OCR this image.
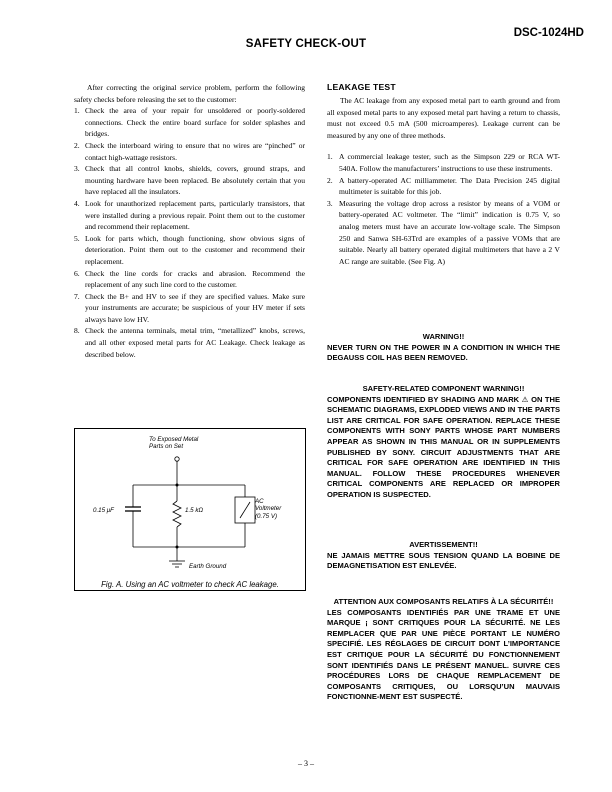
DSC-1024HD
SAFETY CHECK-OUT

After correcting the original service problem, perform the following safety checks before releasing the set to the customer:

1. Check the area of your repair for unsoldered or poorly-soldered connections. Check the entire board surface for solder splashes and bridges.
2. Check the interboard wiring to ensure that no wires are “pinched” or contact high-wattage resistors.
3. Check that all control knobs, shields, covers, ground straps, and mounting hardware have been replaced. Be absolutely certain that you have replaced all the insulators.
4. Look for unauthorized replacement parts, particularly transistors, that were installed during a previous repair. Point them out to the customer and recommend their replacement.
5. Look for parts which, though functioning, show obvious signs of deterioration. Point them out to the customer and recommend their replacement.
6. Check the line cords for cracks and abrasion. Recommend the replacement of any such line cord to the customer.
7. Check the B+ and HV to see if they are specified values. Make sure your instruments are accurate; be suspicious of your HV meter if sets always have low HV.
8. Check the antenna terminals, metal trim, “metallized” knobs, screws, and all other exposed metal parts for AC Leakage. Check leakage as described below.
To Exposed Metal
Parts on Set
0.15 μF	1.5 kΩ
AC
Voltmeter
(0.75 V)
Earth Ground
Fig. A. Using an AC voltmeter to check AC leakage.
LEAKAGE TEST

The AC leakage from any exposed metal part to earth ground and from all exposed metal parts to any exposed metal part having a return to chassis, must not exceed 0.5 mA (500 microamperes). Leakage current can be measured by any one of three methods.

1. A commercial leakage tester, such as the Simpson 229 or RCA WT-540A. Follow the manufacturers’ instructions to use these instruments.
2. A battery-operated AC milliammeter. The Data Precision 245 digital multimeter is suitable for this job.
3. Measuring the voltage drop across a resistor by means of a VOM or battery-operated AC voltmeter. The “limit” indication is 0.75 V, so analog meters must have an accurate low-voltage scale. The Simpson 250 and Sanwa SH-63Trd are examples of a passive VOMs that are suitable. Nearly all battery operated digital multimeters that have a 2 V AC range are suitable. (See Fig. A)
WARNING!!
NEVER TURN ON THE POWER IN A CONDITION IN WHICH THE DEGAUSS COIL HAS BEEN REMOVED.
SAFETY-RELATED COMPONENT WARNING!!
COMPONENTS IDENTIFIED BY SHADING AND MARK ⚠ ON THE SCHEMATIC DIAGRAMS, EXPLODED VIEWS AND IN THE PARTS LIST ARE CRITICAL FOR SAFE OPERATION. REPLACE THESE COMPONENTS WITH SONY PARTS WHOSE PART NUMBERS APPEAR AS SHOWN IN THIS MANUAL OR IN SUPPLEMENTS PUBLISHED BY SONY. CIRCUIT ADJUSTMENTS THAT ARE CRITICAL FOR SAFE OPERATION ARE IDENTIFIED IN THIS MANUAL. FOLLOW THESE PROCEDURES WHENEVER CRITICAL COMPONENTS ARE REPLACED OR IMPROPER OPERATION IS SUSPECTED.
AVERTISSEMENT!!
NE JAMAIS METTRE SOUS TENSION QUAND LA BOBINE DE DEMAGNETISATION EST ENLEVÉE.
ATTENTION AUX COMPOSANTS RELATIFS À LA SÉCURITÉ!!
LES COMPOSANTS IDENTIFIÉS PAR UNE TRAME ET UNE MARQUE ¡ SONT CRITIQUES POUR LA SÉCURITÉ. NE LES REMPLACER QUE PAR UNE PIÈCE PORTANT LE NUMÉRO SPECIFIÉ. LES RÉGLAGES DE CIRCUIT DONT L’IMPORTANCE EST CRITIQUE POUR LA SÉCURITÉ DU FONCTIONNEMENT SONT IDENTIFIÉS DANS LE PRÉSENT MANUEL. SUIVRE CES PROCÉDURES LORS DE CHAQUE REMPLACEMENT DE COMPOSANTS CRITIQUES, OU LORSQU’UN MAUVAIS FONCTIONNE-MENT EST SUSPECTÉ.
– 3 –
